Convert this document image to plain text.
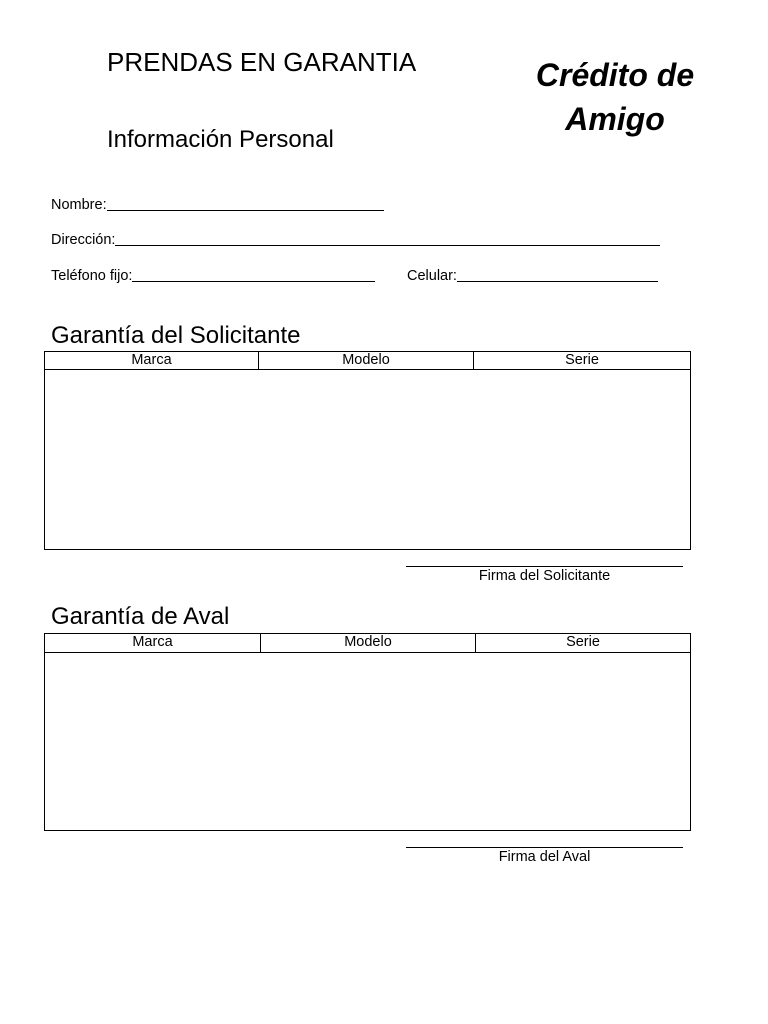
PRENDAS EN GARANTIA
Información Personal
Crédito de
Amigo
Nombre:
Dirección:
Teléfono fijo:	Celular:
Garantía del Solicitante
Marca	Modelo	Serie
Firma del Solicitante
Garantía de Aval
Marca	Modelo	Serie
Firma del Aval
